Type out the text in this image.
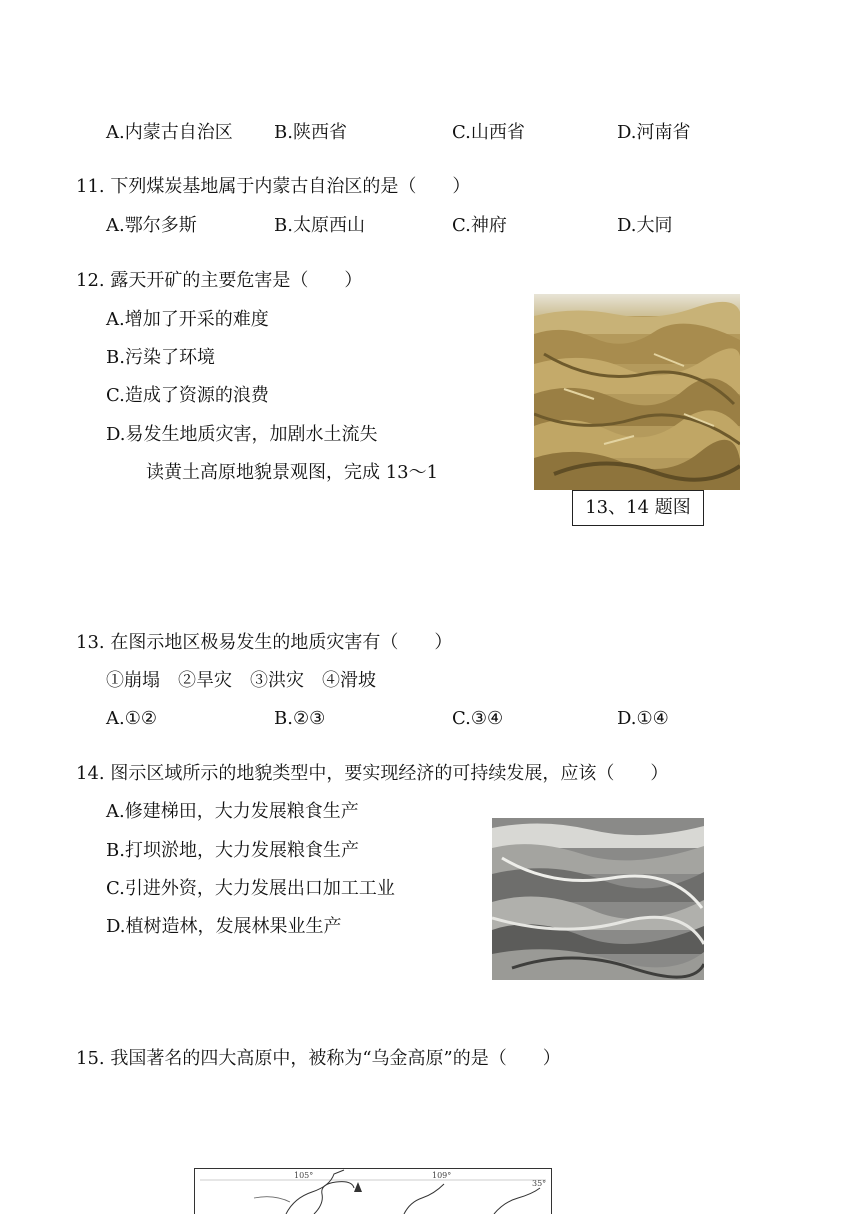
A.内蒙古自治区 B.陕西省	C.山西省	D.河南省
11. 下列煤炭基地属于内蒙古自治区的是（　　）
A.鄂尔多斯	B.太原西山	C.神府	D.大同
12. 露天开矿的主要危害是（　　）
A.增加了开采的难度
B.污染了环境
C.造成了资源的浪费
D.易发生地质灾害，加剧水土流失
读黄土高原地貌景观图，完成 13～1
13、14 题图
13. 在图示地区极易发生的地质灾害有（　　）
①崩塌　②旱灾　③洪灾　④滑坡
A.①②	B.②③	C.③④	D.①④
14. 图示区域所示的地貌类型中，要实现经济的可持续发展，应该（　　）
A.修建梯田，大力发展粮食生产
B.打坝淤地，大力发展粮食生产
C.引进外资，大力发展出口加工工业
D.植树造林，发展林果业生产
15. 我国著名的四大高原中，被称为“乌金高原”的是（　　）
105°	109°
35°
